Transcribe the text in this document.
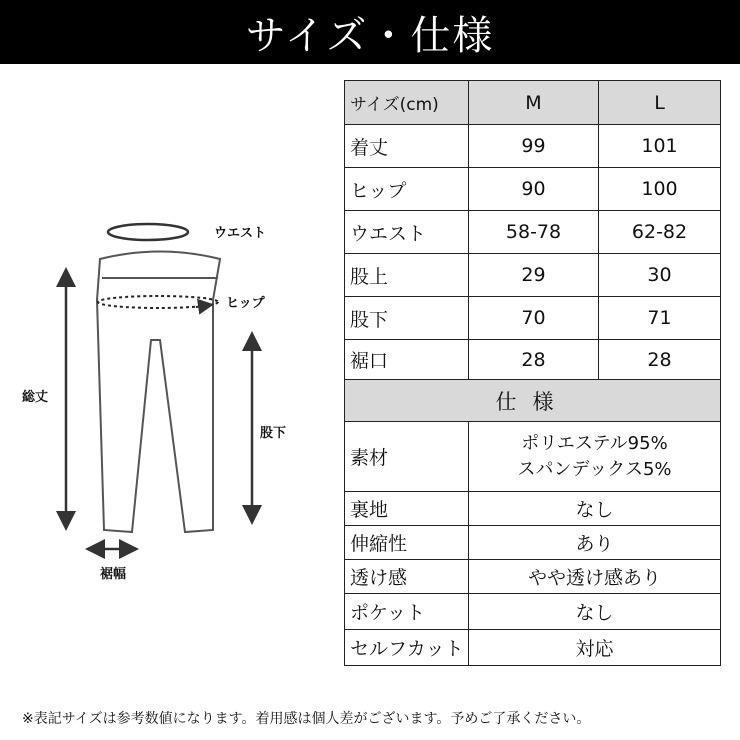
サイズ・仕様
ウエスト
ヒップ
総丈
股下
裾幅
サイズ(cm)	M	L
着丈	99	101
ヒップ	90	100
ウエスト	58-78	62-82
股上	29	30
股下	70	71
裾口	28	28
仕様		
素材	ポリエステル95%
スパンデックス5%	

裏地	なし	
伸縮性	あり	
透け感	やや透け感あり	
ポケット	なし	
セルフカット	対応	
※表記サイズは参考数値になります。着用感は個人差がございます。予めご了承ください。
